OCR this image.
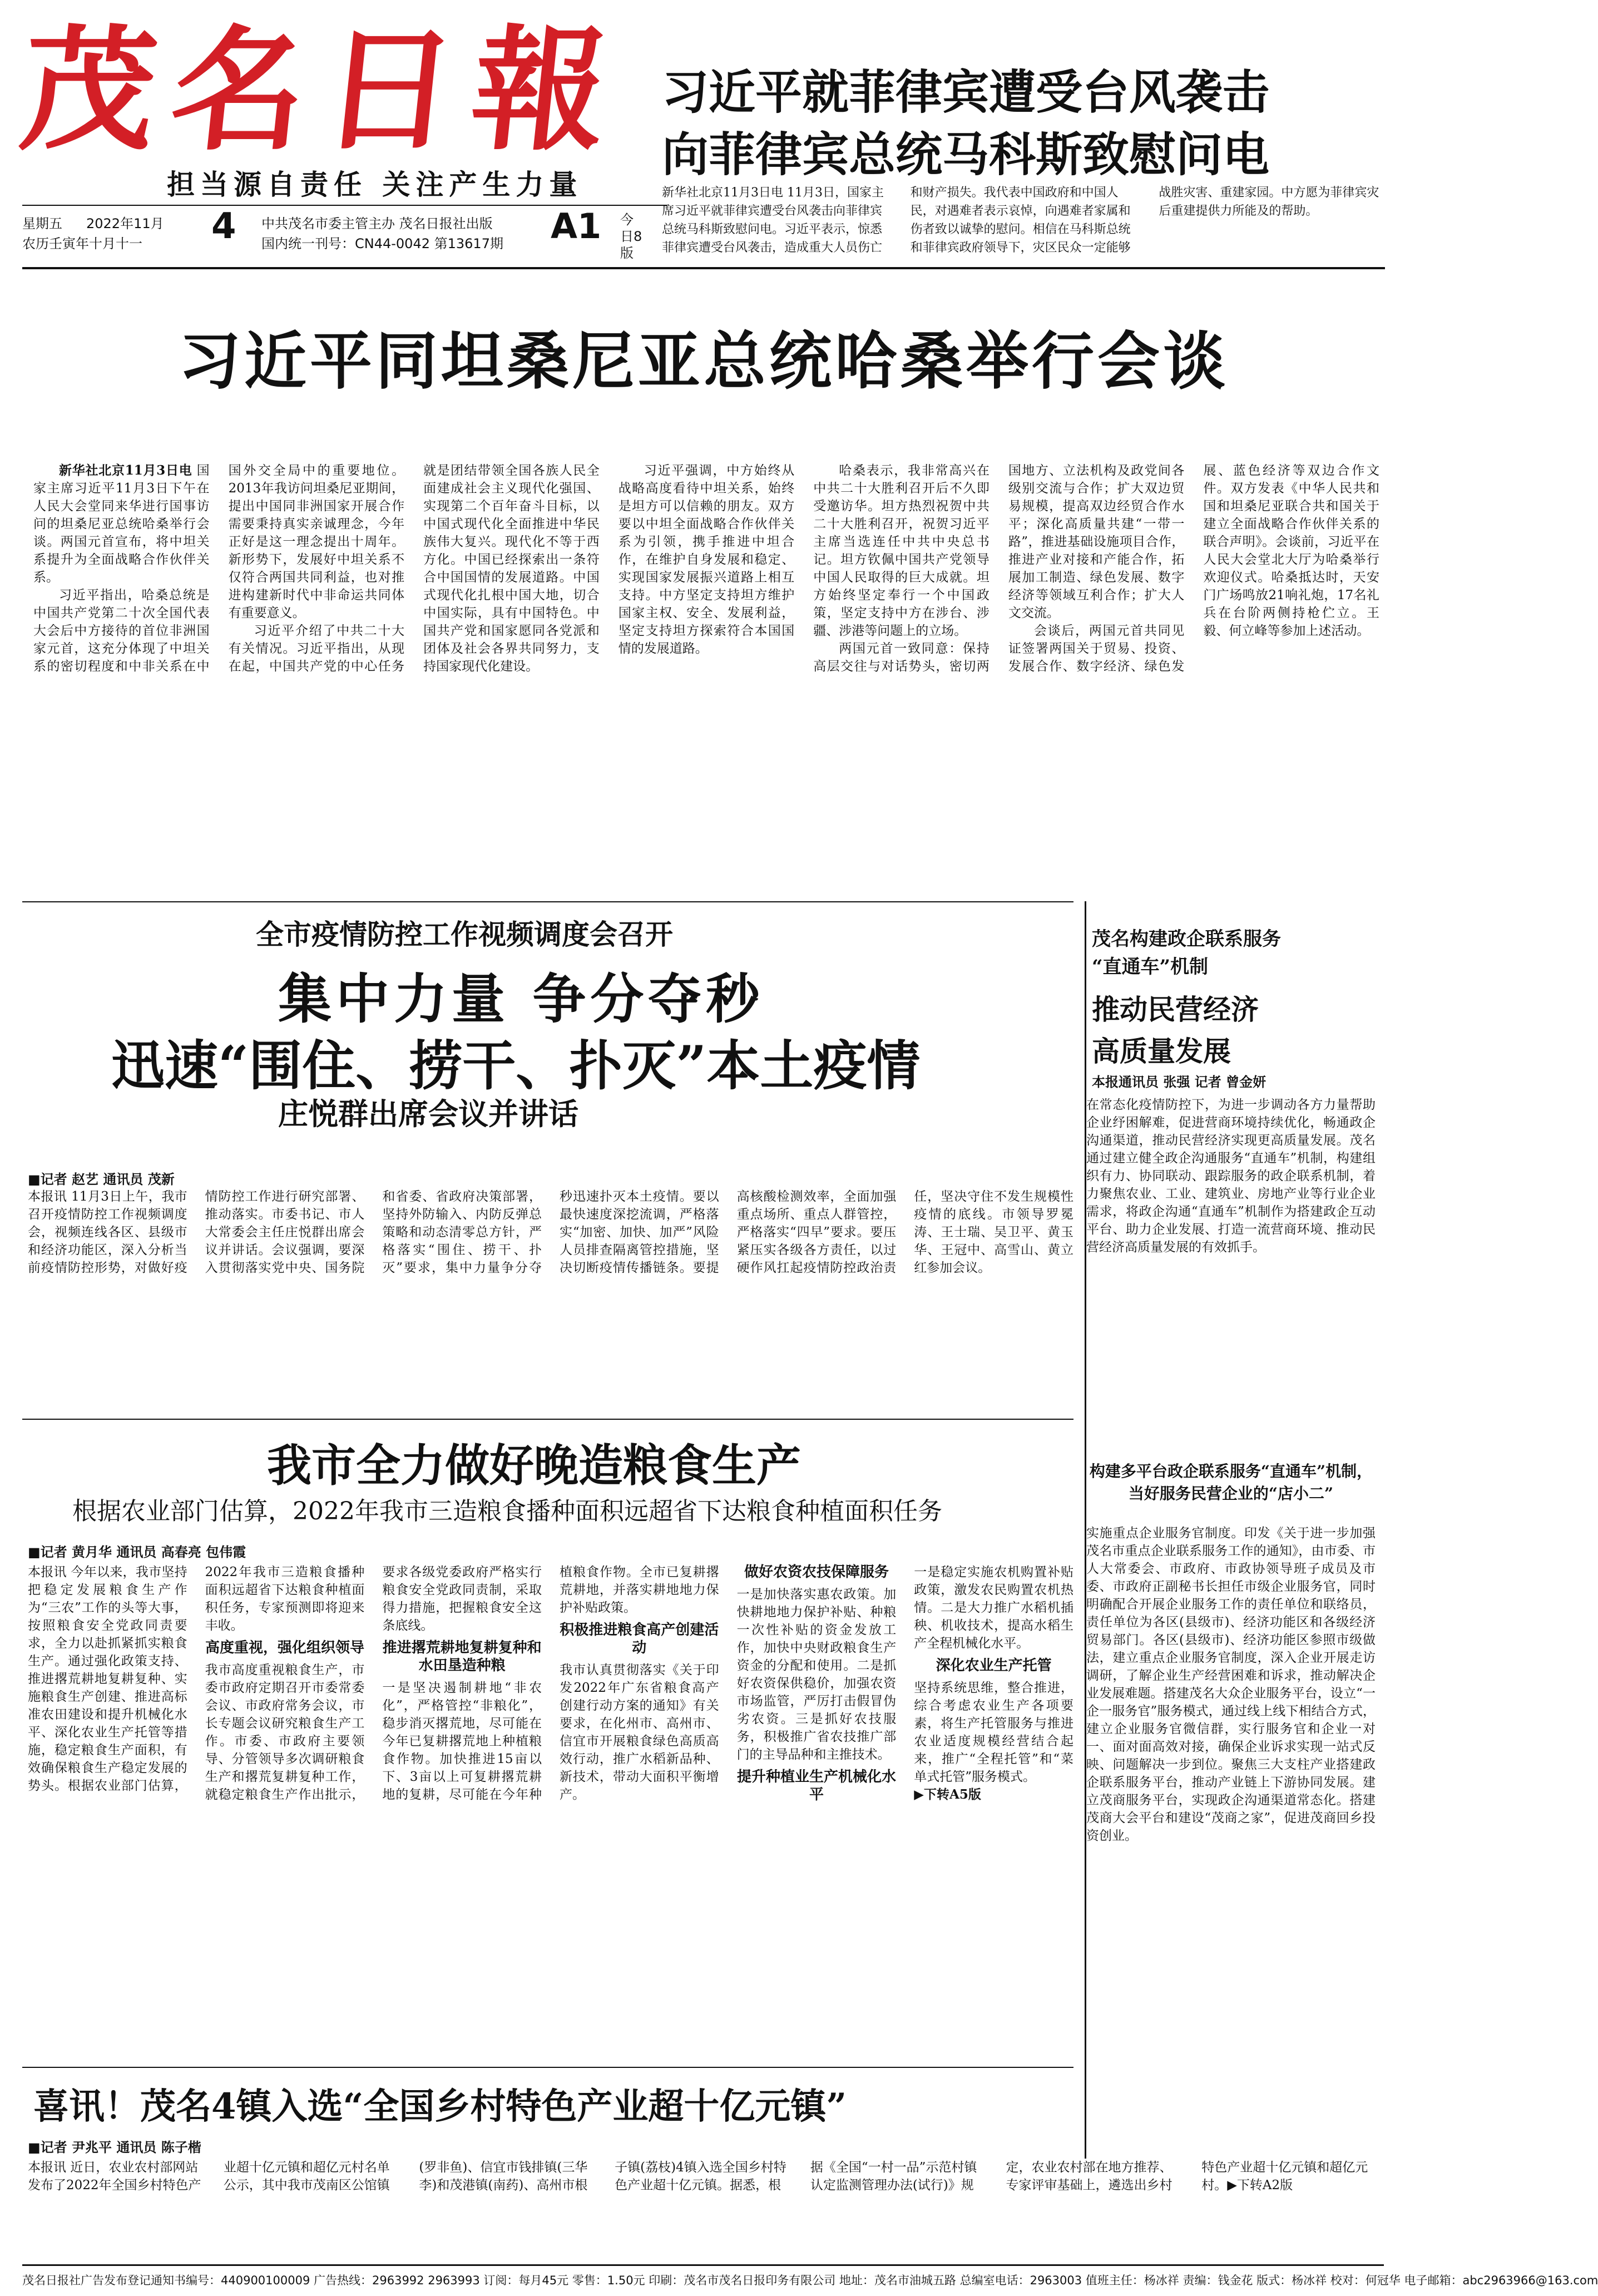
茂名日報
担当源自责任 关注产生力量
星期五 2022年11月 4
农历壬寅年十月十一
中共茂名市委主管主办 茂名日报社出版
国内统一刊号：CN44-0042 第13617期 A1 今日8版
习近平就菲律宾遭受台风袭击
向菲律宾总统马科斯致慰问电
新华社北京11月3日电 11月3日，国家主席习近平就菲律宾遭受台风袭击向菲律宾总统马科斯致慰问电。习近平表示，惊悉菲律宾遭受台风袭击，造成重大人员伤亡和财产损失。我代表中国政府和中国人民，对遇难者表示哀悼，向遇难者家属和伤者致以诚挚的慰问。相信在马科斯总统和菲律宾政府领导下，灾区民众一定能够战胜灾害、重建家园。中方愿为菲律宾灾后重建提供力所能及的帮助。
习近平同坦桑尼亚总统哈桑举行会谈

新华社北京11月3日电 国家主席习近平11月3日下午在人民大会堂同来华进行国事访问的坦桑尼亚总统哈桑举行会谈。两国元首宣布，将中坦关系提升为全面战略合作伙伴关系。

习近平指出，哈桑总统是中国共产党第二十次全国代表大会后中方接待的首位非洲国家元首，这充分体现了中坦关系的密切程度和中非关系在中国外交全局中的重要地位。2013年我访问坦桑尼亚期间，提出中国同非洲国家开展合作需要秉持真实亲诚理念，今年正好是这一理念提出十周年。新形势下，发展好中坦关系不仅符合两国共同利益，也对推进构建新时代中非命运共同体有重要意义。

习近平介绍了中共二十大有关情况。习近平指出，从现在起，中国共产党的中心任务就是团结带领全国各族人民全面建成社会主义现代化强国、实现第二个百年奋斗目标，以中国式现代化全面推进中华民族伟大复兴。现代化不等于西方化。中国已经探索出一条符合中国国情的发展道路。中国式现代化扎根中国大地，切合中国实际，具有中国特色。中国共产党和国家愿同各党派和团体及社会各界共同努力，支持国家现代化建设。

习近平强调，中方始终从战略高度看待中坦关系，始终是坦方可以信赖的朋友。双方要以中坦全面战略合作伙伴关系为引领，携手推进中坦合作，在维护自身发展和稳定、实现国家发展振兴道路上相互支持。中方坚定支持坦方维护国家主权、安全、发展利益，坚定支持坦方探索符合本国国情的发展道路。

哈桑表示，我非常高兴在中共二十大胜利召开后不久即受邀访华。坦方热烈祝贺中共二十大胜利召开，祝贺习近平主席当选连任中共中央总书记。坦方钦佩中国共产党领导中国人民取得的巨大成就。坦方始终坚定奉行一个中国政策，坚定支持中方在涉台、涉疆、涉港等问题上的立场。

两国元首一致同意：保持高层交往与对话势头，密切两国地方、立法机构及政党间各级别交流与合作；扩大双边贸易规模，提高双边经贸合作水平；深化高质量共建“一带一路”，推进基础设施项目合作，推进产业对接和产能合作，拓展加工制造、绿色发展、数字经济等领域互利合作；扩大人文交流。

会谈后，两国元首共同见证签署两国关于贸易、投资、发展合作、数字经济、绿色发展、蓝色经济等双边合作文件。双方发表《中华人民共和国和坦桑尼亚联合共和国关于建立全面战略合作伙伴关系的联合声明》。会谈前，习近平在人民大会堂北大厅为哈桑举行欢迎仪式。哈桑抵达时，天安门广场鸣放21响礼炮，17名礼兵在台阶两侧持枪伫立。王毅、何立峰等参加上述活动。

全市疫情防控工作视频调度会召开
集中力量 争分夺秒
迅速“围住、捞干、扑灭”本土疫情
庄悦群出席会议并讲话
■记者 赵艺 通讯员 茂新
本报讯 11月3日上午，我市召开疫情防控工作视频调度会，视频连线各区、县级市和经济功能区，深入分析当前疫情防控形势，对做好疫情防控工作进行研究部署、推动落实。市委书记、市人大常委会主任庄悦群出席会议并讲话。会议强调，要深入贯彻落实党中央、国务院和省委、省政府决策部署，坚持外防输入、内防反弹总策略和动态清零总方针，严格落实“围住、捞干、扑灭”要求，集中力量争分夺秒迅速扑灭本土疫情。要以最快速度深挖流调，严格落实“加密、加快、加严”风险人员排查隔离管控措施，坚决切断疫情传播链条。要提高核酸检测效率，全面加强重点场所、重点人群管控，严格落实“四早”要求。要压紧压实各级各方责任，以过硬作风扛起疫情防控政治责任，坚决守住不发生规模性疫情的底线。市领导罗冕涛、王士瑞、吴卫平、黄玉华、王冠中、高雪山、黄立红参加会议。
茂名构建政企联系服务
“直通车”机制
推动民营经济
高质量发展
本报通讯员 张强 记者 曾金妍
在常态化疫情防控下，为进一步调动各方力量帮助企业纾困解难，促进营商环境持续优化，畅通政企沟通渠道，推动民营经济实现更高质量发展。茂名通过建立健全政企沟通服务“直通车”机制，构建组织有力、协同联动、跟踪服务的政企联系机制，着力聚焦农业、工业、建筑业、房地产业等行业企业需求，将政企沟通“直通车”机制作为搭建政企互动平台、助力企业发展、打造一流营商环境、推动民营经济高质量发展的有效抓手。
构建多平台政企联系服务“直通车”机制，当好服务民营企业的“店小二”
实施重点企业服务官制度。印发《关于进一步加强茂名市重点企业联系服务工作的通知》，由市委、市人大常委会、市政府、市政协领导班子成员及市委、市政府正副秘书长担任市级企业服务官，同时明确配合开展企业服务工作的责任单位和联络员，责任单位为各区(县级市)、经济功能区和各级经济贸易部门。各区(县级市)、经济功能区参照市级做法，建立重点企业服务官制度，深入企业开展走访调研，了解企业生产经营困难和诉求，推动解决企业发展难题。搭建茂名大众企业服务平台，设立“一企一服务官”服务模式，通过线上线下相结合方式，建立企业服务官微信群，实行服务官和企业一对一、面对面高效对接，确保企业诉求实现一站式反映、问题解决一步到位。聚焦三大支柱产业搭建政企联系服务平台，推动产业链上下游协同发展。建立茂商服务平台，实现政企沟通渠道常态化。搭建茂商大会平台和建设“茂商之家”，促进茂商回乡投资创业。
我市全力做好晚造粮食生产
根据农业部门估算，2022年我市三造粮食播种面积远超省下达粮食种植面积任务
■记者 黄月华 通讯员 高春亮 包伟霞
本报讯 今年以来，我市坚持把稳定发展粮食生产作为“三农”工作的头等大事，按照粮食安全党政同责要求，全力以赴抓紧抓实粮食生产。通过强化政策支持、推进撂荒耕地复耕复种、实施粮食生产创建、推进高标准农田建设和提升机械化水平、深化农业生产托管等措施，稳定粮食生产面积，有效确保粮食生产稳定发展的势头。根据农业部门估算，2022年我市三造粮食播种面积远超省下达粮食种植面积任务，专家预测即将迎来丰收。
高度重视，强化组织领导
我市高度重视粮食生产，市委市政府定期召开市委常委会议、市政府常务会议，市长专题会议研究粮食生产工作。市委、市政府主要领导、分管领导多次调研粮食生产和撂荒复耕复种工作，就稳定粮食生产作出批示，要求各级党委政府严格实行粮食安全党政同责制，采取得力措施，把握粮食安全这条底线。
推进撂荒耕地复耕复种和水田垦造种粮
一是坚决遏制耕地“非农化”，严格管控“非粮化”，稳步消灭撂荒地，尽可能在今年已复耕撂荒地上种植粮食作物。加快推进15亩以下、3亩以上可复耕撂荒耕地的复耕，尽可能在今年种植粮食作物。全市已复耕撂荒耕地，并落实耕地地力保护补贴政策。
积极推进粮食高产创建活动
我市认真贯彻落实《关于印发2022年广东省粮食高产创建行动方案的通知》有关要求，在化州市、高州市、信宜市开展粮食绿色高质高效行动，推广水稻新品种、新技术，带动大面积平衡增产。
做好农资农技保障服务
一是加快落实惠农政策。加快耕地地力保护补贴、种粮一次性补贴的资金发放工作，加快中央财政粮食生产资金的分配和使用。二是抓好农资保供稳价，加强农资市场监管，严厉打击假冒伪劣农资。三是抓好农技服务，积极推广省农技推广部门的主导品种和主推技术。
提升种植业生产机械化水平
一是稳定实施农机购置补贴政策，激发农民购置农机热情。二是大力推广水稻机插秧、机收技术，提高水稻生产全程机械化水平。
深化农业生产托管
坚持系统思维，整合推进，综合考虑农业生产各项要素，将生产托管服务与推进农业适度规模经营结合起来，推广“全程托管”和“菜单式托管”服务模式。
▶下转A5版
喜讯！茂名4镇入选“全国乡村特色产业超十亿元镇”
■记者 尹兆平 通讯员 陈子楷
本报讯 近日，农业农村部网站发布了2022年全国乡村特色产业超十亿元镇和超亿元村名单公示，其中我市茂南区公馆镇(罗非鱼)、信宜市钱排镇(三华李)和茂港镇(南药)、高州市根子镇(荔枝)4镇入选全国乡村特色产业超十亿元镇。据悉，根据《全国“一村一品”示范村镇认定监测管理办法(试行)》规定，农业农村部在地方推荐、专家评审基础上，遴选出乡村特色产业超十亿元镇和超亿元村。▶下转A2版
茂名日报社广告发布登记通知书编号：440900100009 广告热线：2963992 2963993 订阅：每月45元 零售：1.50元 印刷：茂名市茂名日报印务有限公司 地址：茂名市油城五路 总编室电话：2963003 值班主任：杨冰祥 责编：钱金花 版式：杨冰祥 校对：何冠华 电子邮箱：abc2963966@163.com
